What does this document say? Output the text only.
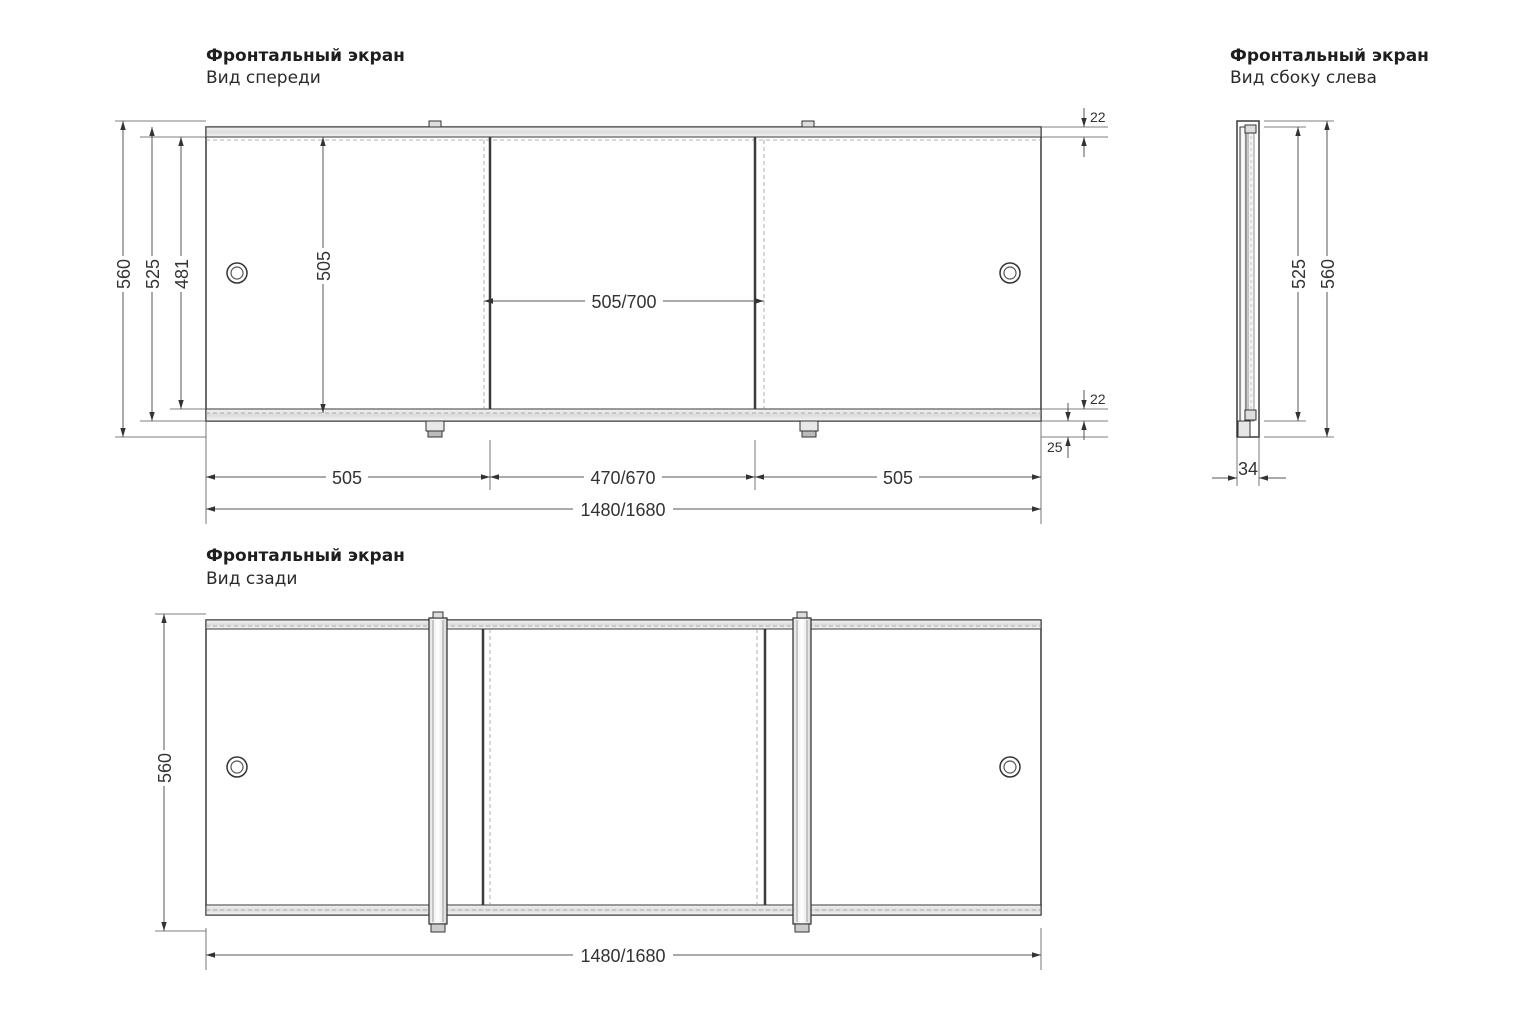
Фронтальный экран
Вид спереди
Фронтальный экран
Вид сбоку слева
Фронтальный экран
Вид сзади
560 525 481	505
505/700
22
22
25
505	470/670	505
1480/1680
525 560
34
560
1480/1680
